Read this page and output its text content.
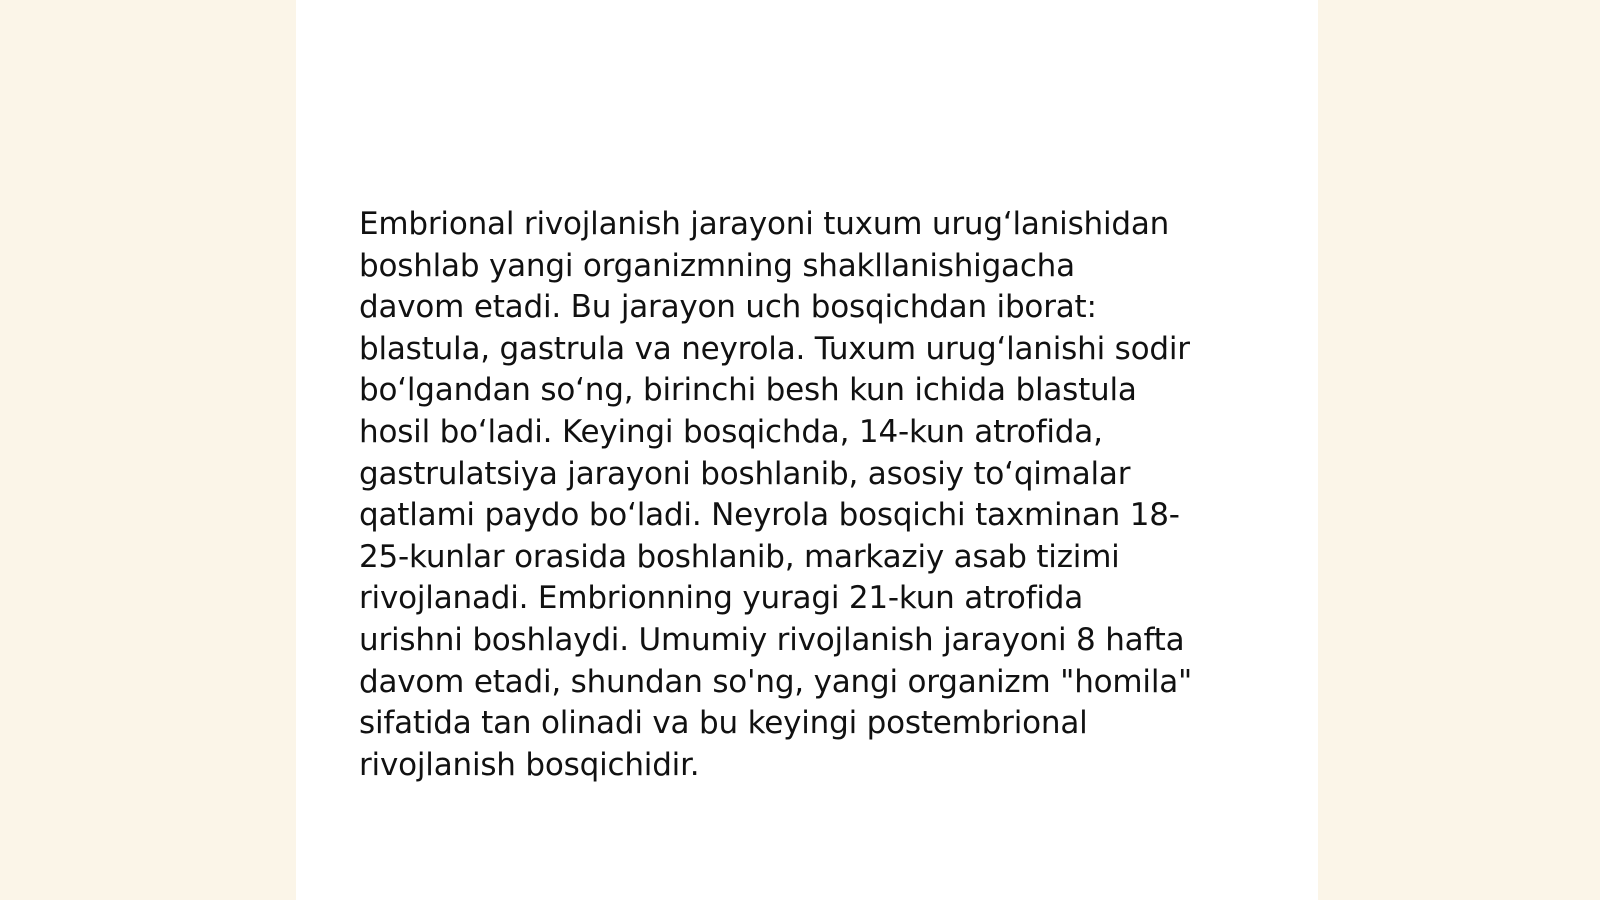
Embrional rivojlanish jarayoni tuxum urugʻlanishidan
boshlab yangi organizmning shakllanishigacha
davom etadi. Bu jarayon uch bosqichdan iborat:
blastula, gastrula va neyrola. Tuxum urugʻlanishi sodir
boʻlgandan soʻng, birinchi besh kun ichida blastula
hosil boʻladi. Keyingi bosqichda, 14-kun atrofida,
gastrulatsiya jarayoni boshlanib, asosiy toʻqimalar
qatlami paydo boʻladi. Neyrola bosqichi taxminan 18-
25-kunlar orasida boshlanib, markaziy asab tizimi
rivojlanadi. Embrionning yuragi 21-kun atrofida
urishni boshlaydi. Umumiy rivojlanish jarayoni 8 hafta
davom etadi, shundan so'ng, yangi organizm "homila"
sifatida tan olinadi va bu keyingi postembrional
rivojlanish bosqichidir.
